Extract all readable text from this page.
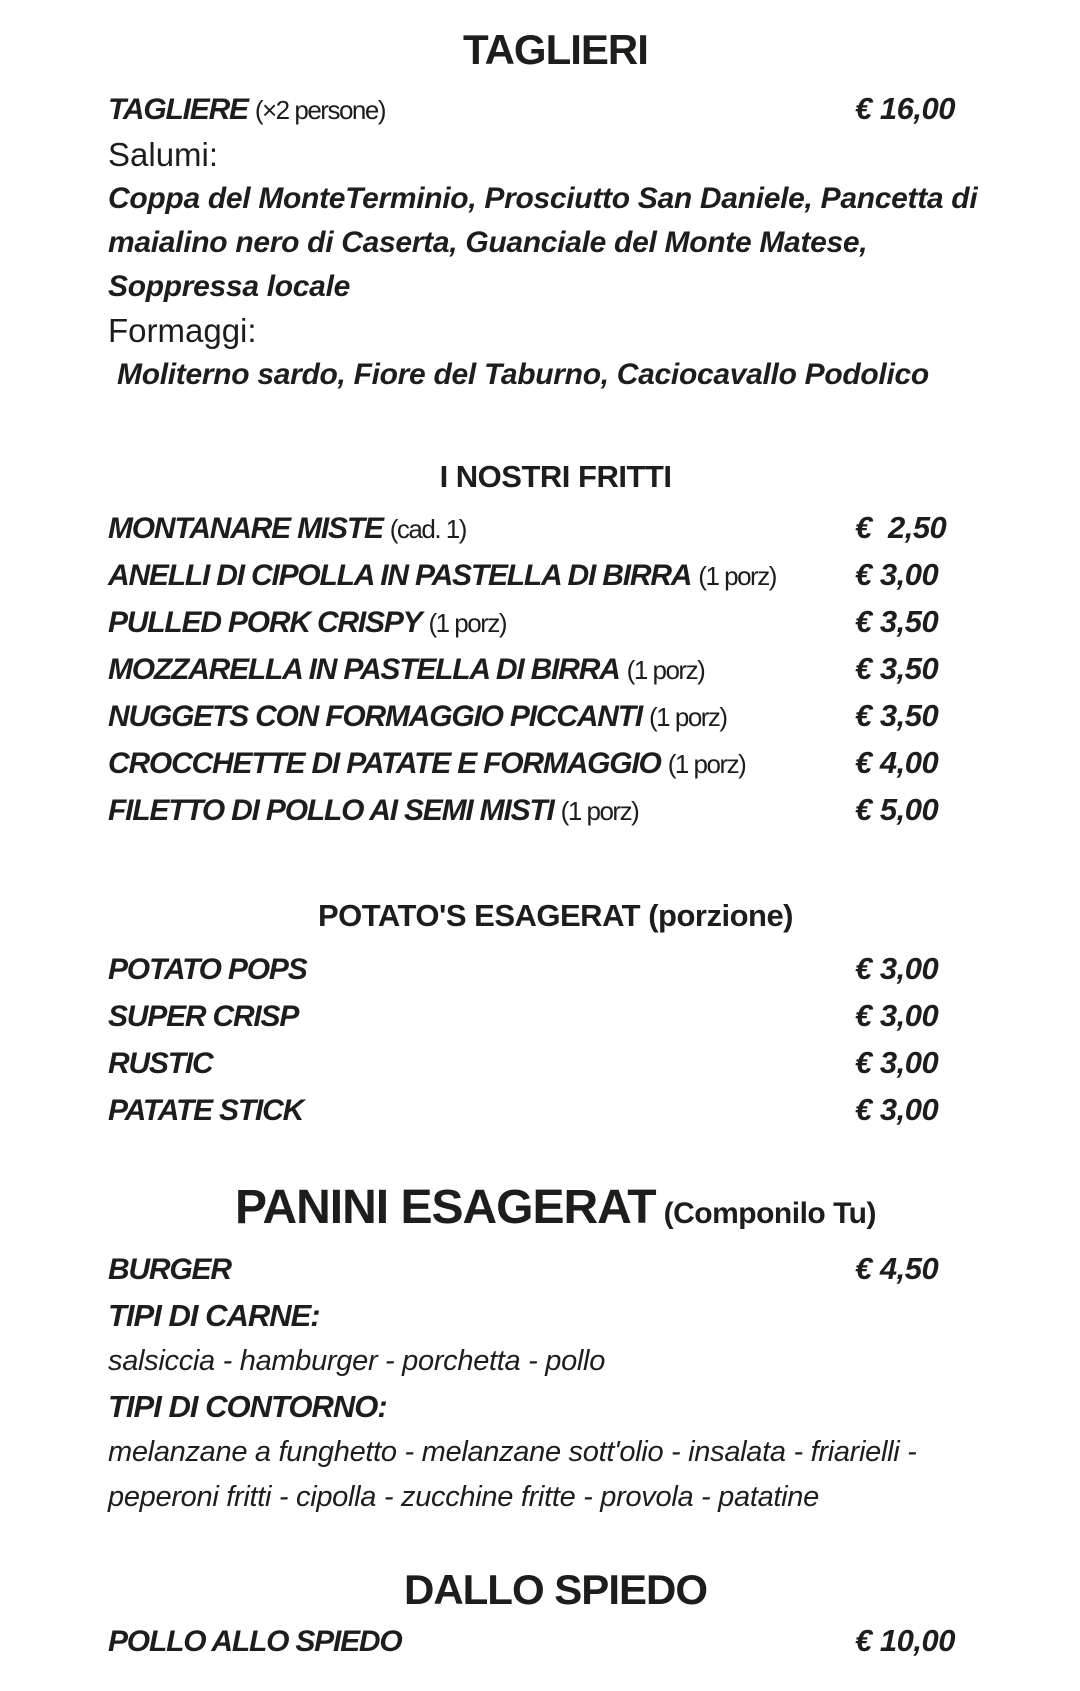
TAGLIERI
TAGLIERE (×2 persone)	€ 16,00
Salumi:
Coppa del MonteTerminio, Prosciutto San Daniele, Pancetta di maialino nero di Caserta, Guanciale del Monte Matese, Soppressa locale
Formaggi:
Moliterno sardo, Fiore del Taburno, Caciocavallo Podolico
I NOSTRI FRITTI
MONTANARE MISTE (cad. 1)	€  2,50
ANELLI DI CIPOLLA IN PASTELLA DI BIRRA (1 porz)	€ 3,00
PULLED PORK CRISPY (1 porz)	€ 3,50
MOZZARELLA IN PASTELLA DI BIRRA (1 porz)	€ 3,50
NUGGETS CON FORMAGGIO PICCANTI (1 porz)	€ 3,50
CROCCHETTE DI PATATE E FORMAGGIO (1 porz)	€ 4,00
FILETTO DI POLLO AI SEMI MISTI (1 porz)	€ 5,00
POTATO'S ESAGERAT (porzione)
POTATO POPS	€ 3,00
SUPER CRISP	€ 3,00
RUSTIC	€ 3,00
PATATE STICK	€ 3,00
PANINI ESAGERAT (Componilo Tu)
BURGER	€ 4,50
TIPI DI CARNE:
salsiccia - hamburger - porchetta - pollo
TIPI DI CONTORNO:
melanzane a funghetto - melanzane sott'olio - insalata - friarielli - peperoni fritti - cipolla - zucchine fritte - provola - patatine
DALLO SPIEDO
POLLO ALLO SPIEDO	€ 10,00
